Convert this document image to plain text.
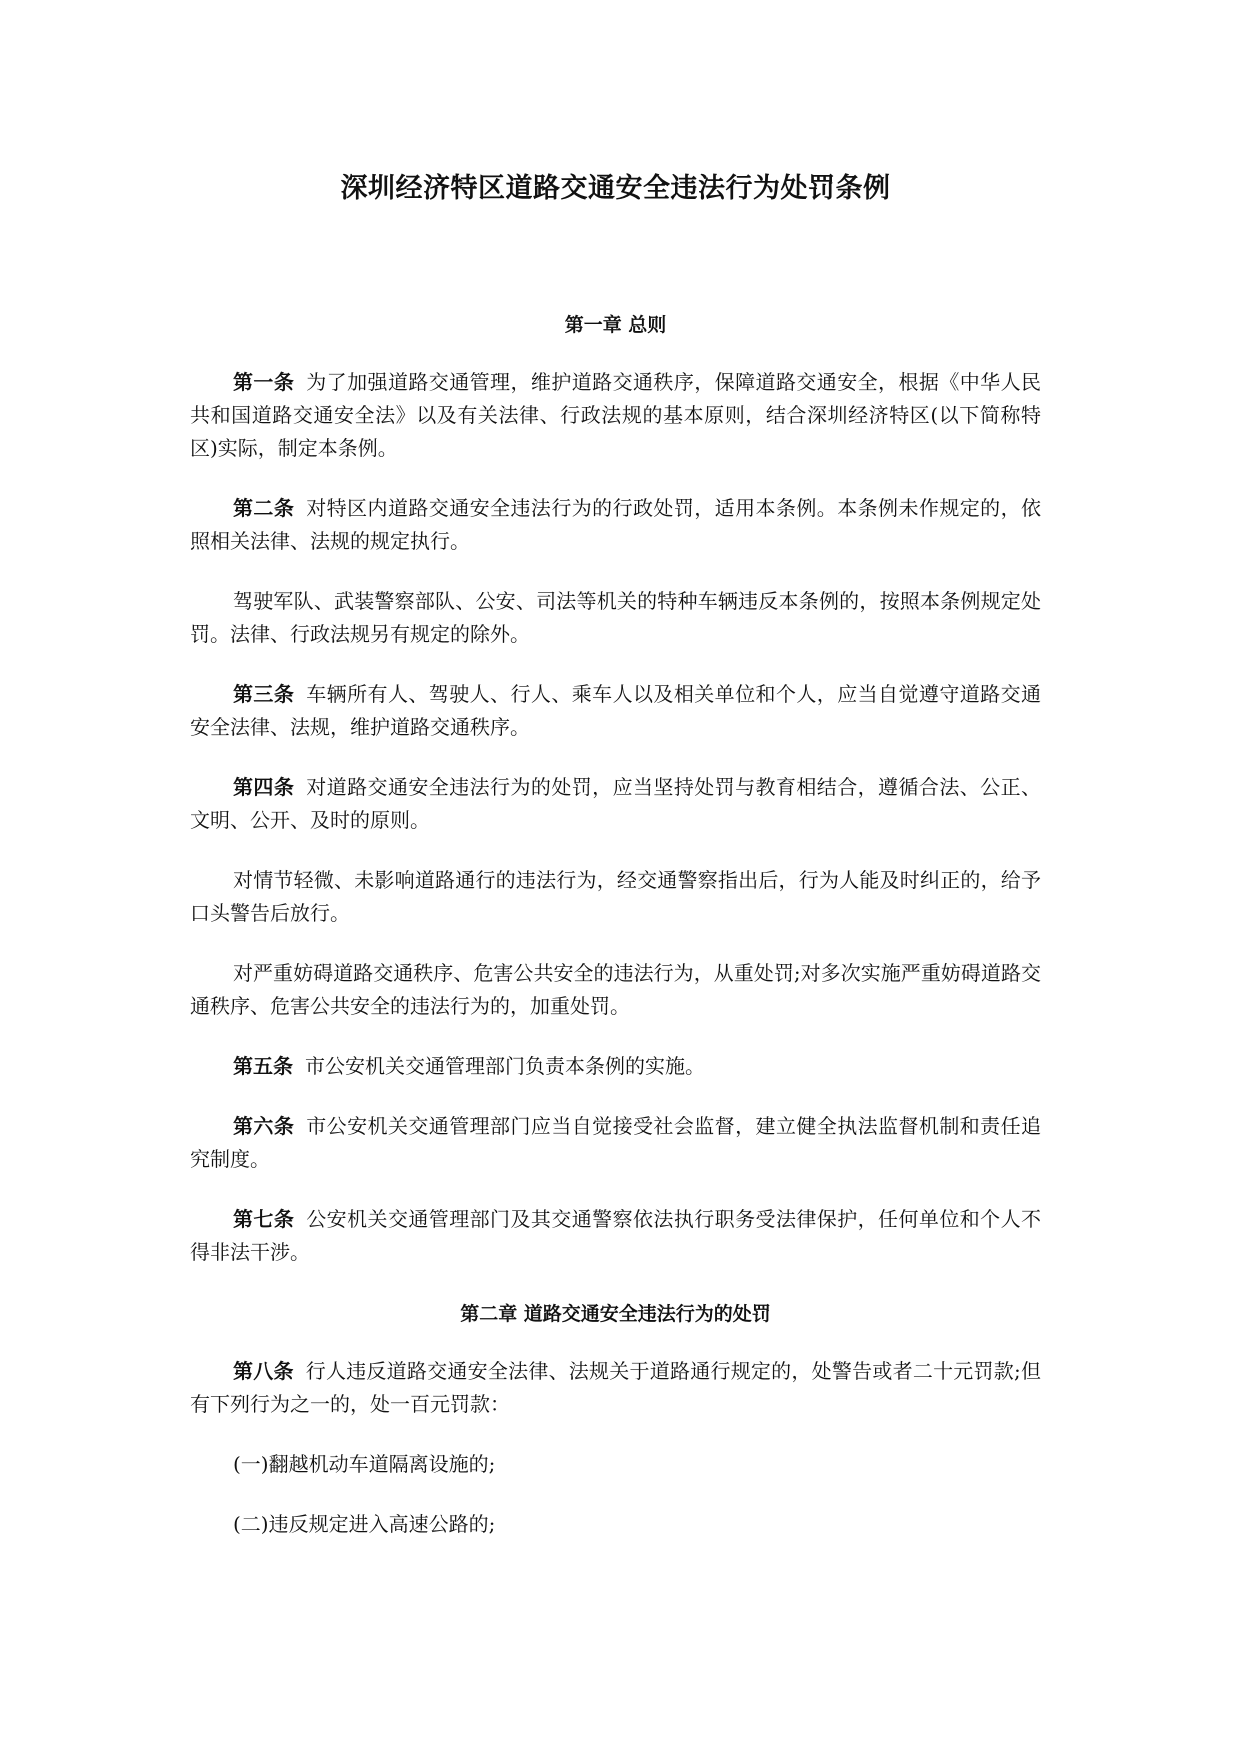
深圳经济特区道路交通安全违法行为处罚条例
第一章 总则

第一条 为了加强道路交通管理，维护道路交通秩序，保障道路交通安全，根据《中华人民共和国道路交通安全法》以及有关法律、行政法规的基本原则，结合深圳经济特区(以下简称特区)实际，制定本条例。

第二条 对特区内道路交通安全违法行为的行政处罚，适用本条例。本条例未作规定的，依照相关法律、法规的规定执行。

驾驶军队、武装警察部队、公安、司法等机关的特种车辆违反本条例的，按照本条例规定处罚。法律、行政法规另有规定的除外。

第三条 车辆所有人、驾驶人、行人、乘车人以及相关单位和个人，应当自觉遵守道路交通安全法律、法规，维护道路交通秩序。

第四条 对道路交通安全违法行为的处罚，应当坚持处罚与教育相结合，遵循合法、公正、文明、公开、及时的原则。

对情节轻微、未影响道路通行的违法行为，经交通警察指出后，行为人能及时纠正的，给予口头警告后放行。

对严重妨碍道路交通秩序、危害公共安全的违法行为，从重处罚;对多次实施严重妨碍道路交通秩序、危害公共安全的违法行为的，加重处罚。

第五条 市公安机关交通管理部门负责本条例的实施。

第六条 市公安机关交通管理部门应当自觉接受社会监督，建立健全执法监督机制和责任追究制度。

第七条 公安机关交通管理部门及其交通警察依法执行职务受法律保护，任何单位和个人不得非法干涉。

第二章 道路交通安全违法行为的处罚

第八条 行人违反道路交通安全法律、法规关于道路通行规定的，处警告或者二十元罚款;但有下列行为之一的，处一百元罚款：

(一)翻越机动车道隔离设施的;

(二)违反规定进入高速公路的;
